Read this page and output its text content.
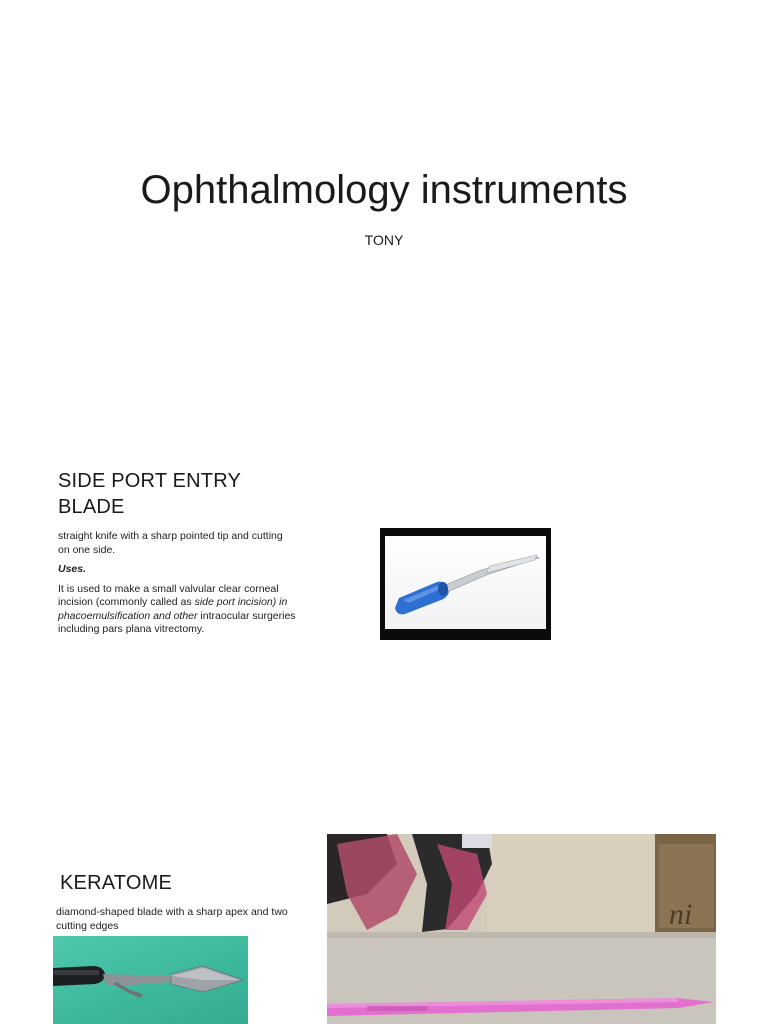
Ophthalmology instruments
TONY
SIDE PORT ENTRY BLADE

straight knife with a sharp pointed tip and cutting on one side.

Uses.

It is used to make a small valvular clear corneal incision (commonly called as side port incision) in phacoemulsification and other intraocular surgeries including pars plana vitrectomy.

KERATOME
diamond-shaped blade with a sharp apex and two cutting edges	ni
